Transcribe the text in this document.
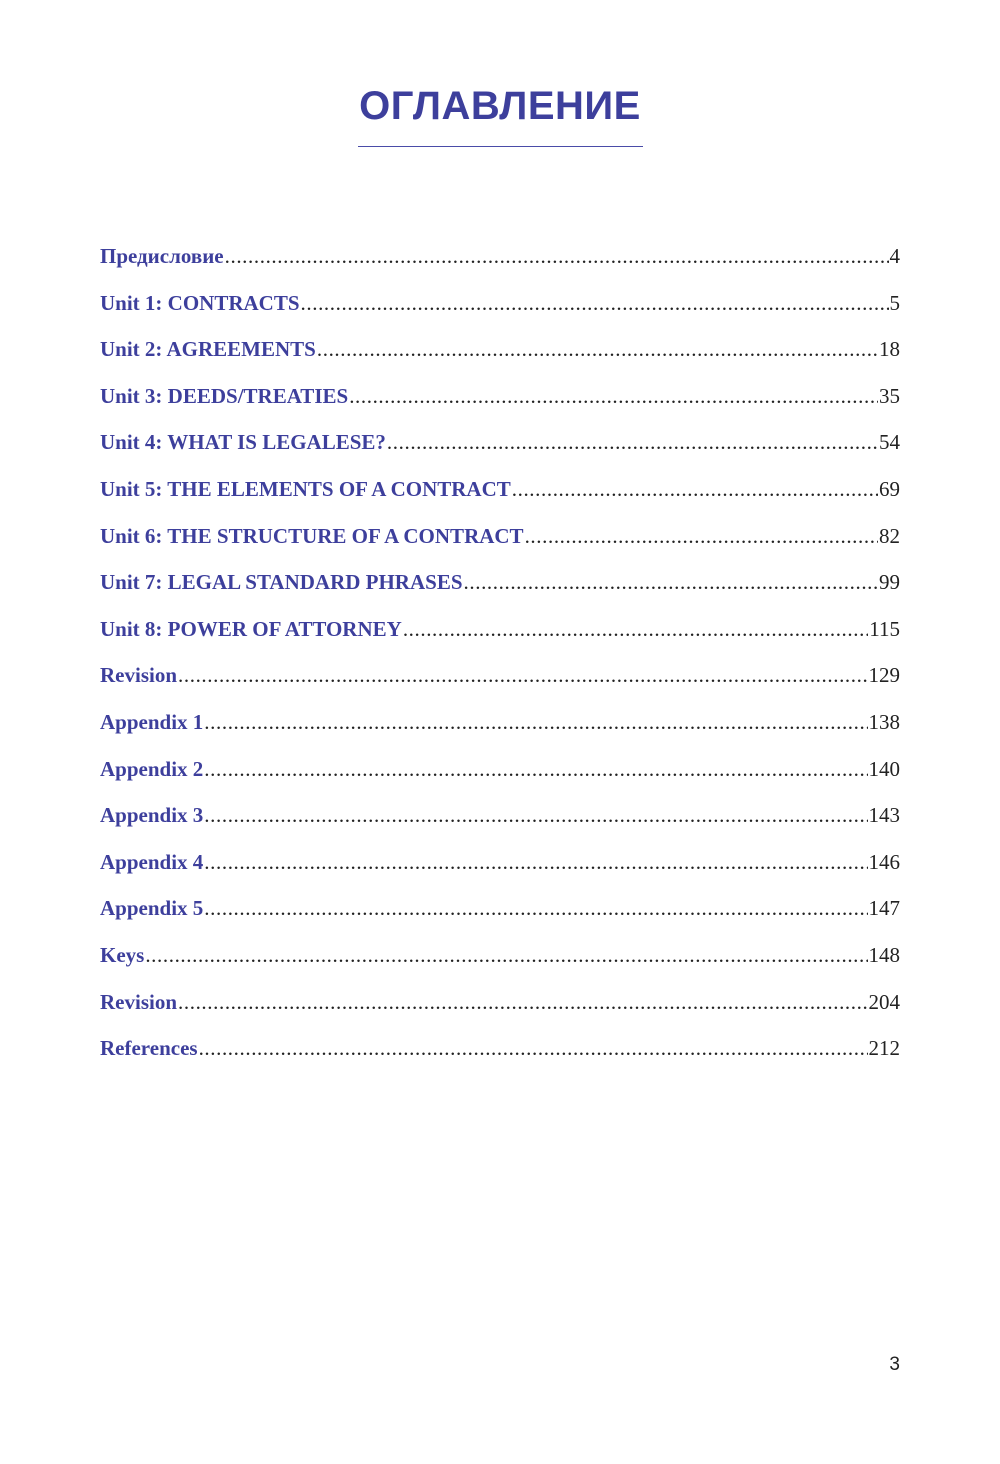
ОГЛАВЛЕНИЕ
Предисловие .....	4
Unit 1: CONTRACTS .....	5
Unit 2: AGREEMENTS .....	18
Unit 3: DEEDS/TREATIES .....	35
Unit 4: WHAT IS LEGALESE? .....	54
Unit 5: THE ELEMENTS OF A CONTRACT .....	69
Unit 6: THE STRUCTURE OF A CONTRACT .....	82
Unit 7: LEGAL STANDARD PHRASES .....	99
Unit 8: POWER OF ATTORNEY .....	115
Revision .....	129
Appendix 1 .....	138
Appendix 2 .....	140
Appendix 3 .....	143
Appendix 4 .....	146
Appendix 5 .....	147
Keys .....	148
Revision .....	204
References .....	212
3
